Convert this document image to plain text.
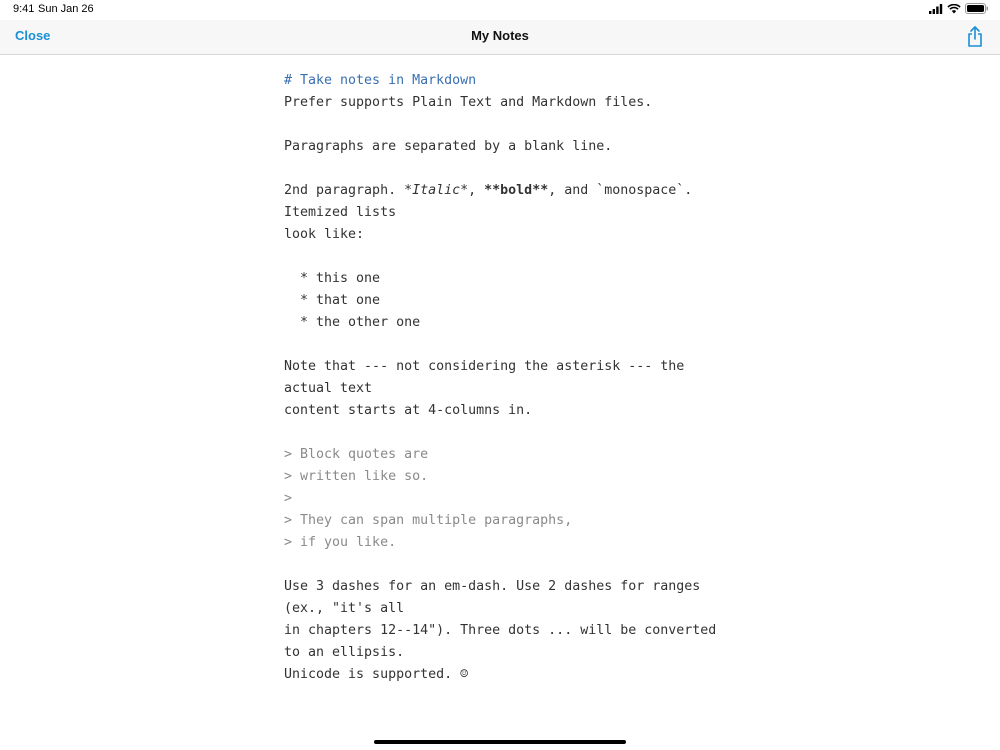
9:41 Sun Jan 26
Close	My Notes
# Take notes in Markdown
Prefer supports Plain Text and Markdown files.
Paragraphs are separated by a blank line.
2nd paragraph. *Italic*, **bold**, and `monospace`.
Itemized lists
look like:
* this one
* that one
* the other one
Note that --- not considering the asterisk --- the
actual text
content starts at 4-columns in.
> Block quotes are
> written like so.
>
> They can span multiple paragraphs,
> if you like.
Use 3 dashes for an em-dash. Use 2 dashes for ranges
(ex., "it's all
in chapters 12--14"). Three dots ... will be converted
to an ellipsis.
Unicode is supported. ☺
